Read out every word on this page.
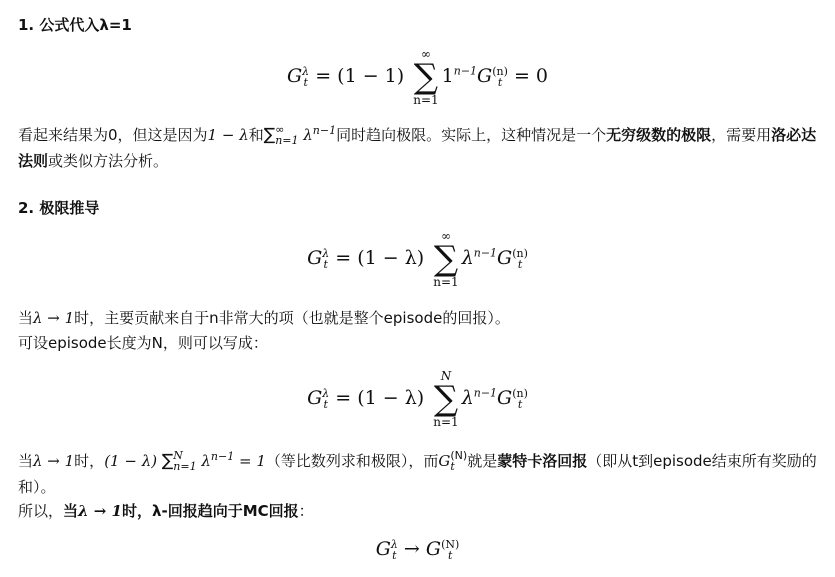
1. 公式代入λ=1
G λ
t = (1 − 1)
∞
∑
n=1
$1^{n-1}G$ (n)
t = 0
看起来结果为0，但这是因为1 − λ和∑ ∞
n=1 $\lambda^{n-1}$同时趋向极限。实际上，这种情况是一个无穷级数的极限，需要用洛必达法则或类似方法分析。
2. 极限推导
G λ
t = (1 − λ)
∞
∑
n=1
$\lambda^{n-1}G$ (n)
t
当λ → 1时，主要贡献来自于n非常大的项（也就是整个episode的回报）。
可设episode长度为N，则可以写成：
G λ
t = (1 − λ)
N
∑
n=1
$\lambda^{n-1}G$ (n)
t
当λ → 1时，(1 − λ) ∑ N
n=1 $\lambda^{n-1} = 1$（等比数列求和极限），而G (N)
t 就是蒙特卡洛回报（即从t到episode结束所有奖励的和）。
所以，当λ → 1时，λ-回报趋向于MC回报：
G λ
t → G (N)
t
